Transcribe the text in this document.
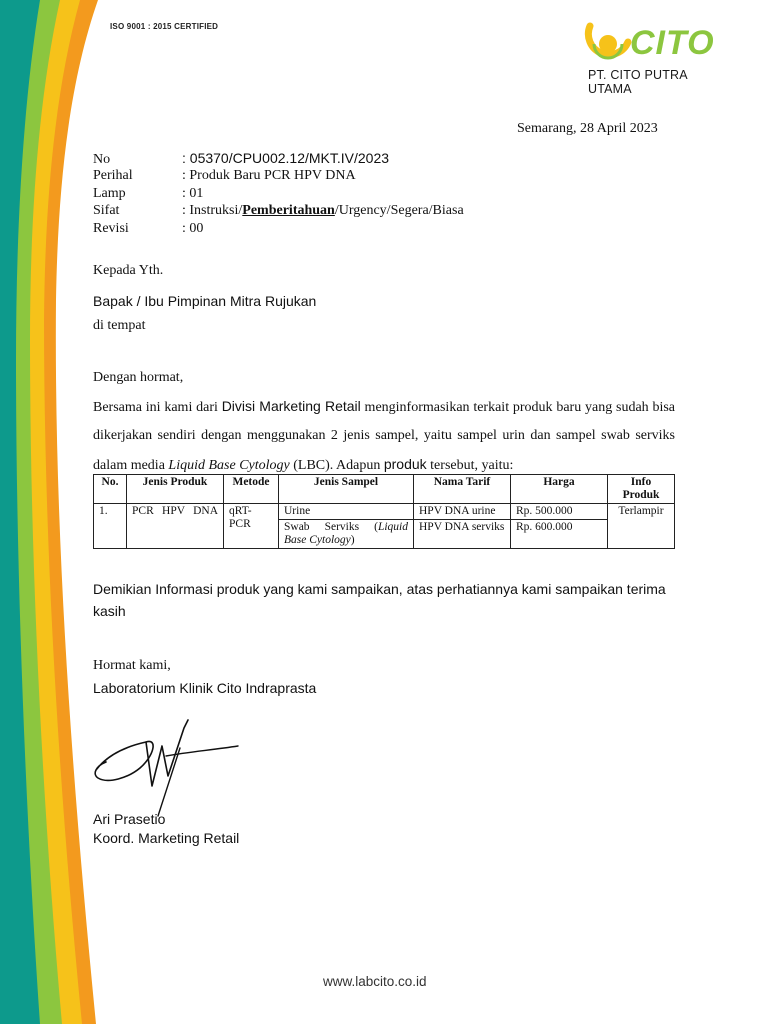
ISO 9001 : 2015 CERTIFIED	CITO
PT. CITO PUTRA UTAMA
Semarang, 28 April 2023
No	: 05370/CPU002.12/MKT.IV/2023
Perihal	: Produk Baru PCR HPV DNA
Lamp	: 01
Sifat	: Instruksi/Pemberitahuan/Urgency/Segera/Biasa
Revisi	: 00
Kepada Yth.
Bapak / Ibu Pimpinan Mitra Rujukan
di tempat
Dengan hormat,
Bersama ini kami dari Divisi Marketing Retail menginformasikan terkait produk baru yang sudah bisa dikerjakan sendiri dengan menggunakan 2 jenis sampel, yaitu sampel urin dan sampel swab serviks dalam media Liquid Base Cytology (LBC). Adapun produk tersebut, yaitu:
No.	Jenis Produk	Metode	Jenis Sampel	Nama Tarif	Harga	Info Produk
1.	PCR HPV DNA	qRT-PCR	Urine	HPV DNA urine	Rp. 500.000	Terlampir
			Swab Serviks (Liquid Base Cytology)	HPV DNA serviks	Rp. 600.000	
Demikian Informasi produk yang kami sampaikan, atas perhatiannya kami sampaikan terima kasih
Hormat kami,
Laboratorium Klinik Cito Indraprasta
Ari Prasetio
Koord. Marketing Retail
www.labcito.co.id
